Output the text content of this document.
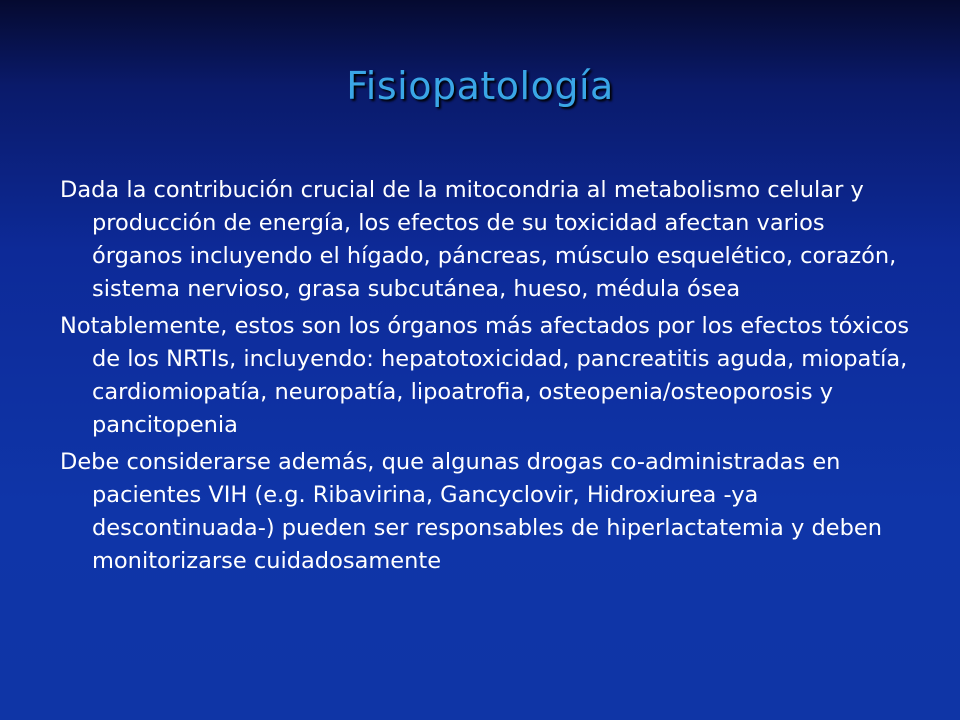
Fisiopatología

Dada la contribución crucial de la mitocondria al metabolismo celular y producción de energía, los efectos de su toxicidad afectan varios órganos incluyendo el hígado, páncreas, músculo esquelético, corazón, sistema nervioso, grasa subcutánea, hueso, médula ósea

Notablemente, estos son los órganos más afectados por los efectos tóxicos de los NRTIs, incluyendo: hepatotoxicidad, pancreatitis aguda, miopatía, cardiomiopatía, neuropatía, lipoatrofia, osteopenia/osteoporosis y pancitopenia

Debe considerarse además, que algunas drogas co-administradas en pacientes VIH (e.g. Ribavirina, Gancyclovir, Hidroxiurea -ya descontinuada-) pueden ser responsables de hiperlactatemia y deben monitorizarse cuidadosamente
